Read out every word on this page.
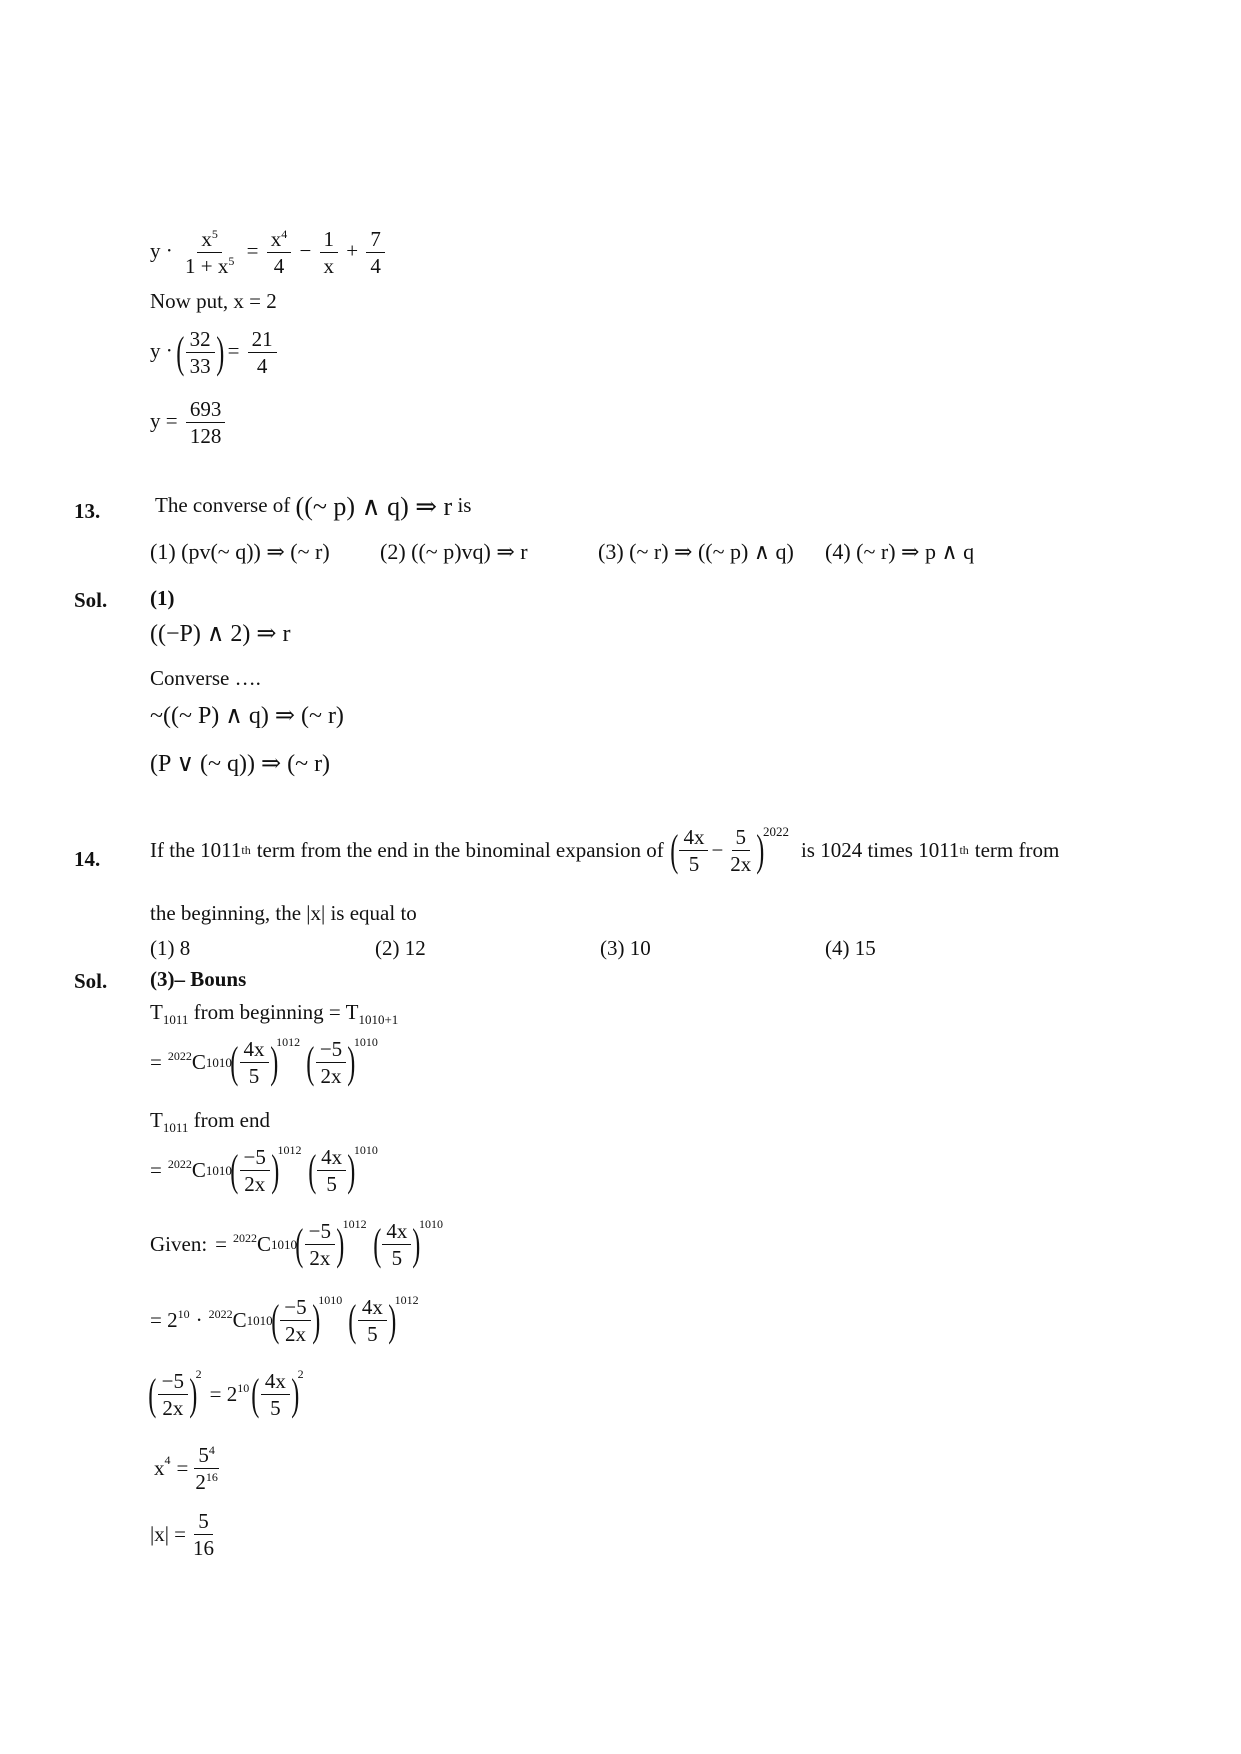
$y \cdot \frac{x^5}{1 + x^5} = \frac{x^4}{4} - \frac{1}{x} + \frac{7}{4}$
Now put, x = 2
y · ( $\frac{32}{33}$ ) = $\frac{21}{4}$
$y = \frac{693}{128}$
13.	The converse of ((~ p) ∧ q) ⇒ r is
(1) (pv(~ q)) ⇒ (~ r) (2) ((~ p)vq) ⇒ r	(3) (~ r) ⇒ ((~ p) ∧ q) (4) (~ r) ⇒ p ∧ q
Sol. (1)
((−P) ∧ 2) ⇒ r
Converse ….
~((~ P) ∧ q) ⇒ (~ r)
(P ∨ (~ q)) ⇒ (~ r)
14. If the 1011 th term from the end in the binominal expansion of ( $\frac{4x}{5} - \frac{5}{2x}$ )
2022
is 1024 times 1011 th term from
the beginning, the |x| is equal to
(1) 8	(2) 12	(3) 10	(4) 15
Sol. (3)– Bouns
$T_{1011}$ from beginning = $T_{1010+1}$
= 2022 C 1010
( $\frac{4x}{5}$ )
1012 ( $\frac{-5}{2x}$ )
1010
$T_{1011}$ from end
= 2022 C 1010
( $\frac{-5}{2x}$ )
1012 ( $\frac{4x}{5}$ )
1010
Given: = 2022 C 1010
( $\frac{-5}{2x}$ )
1012 ( $\frac{4x}{5}$ )
1010
= 2 10 · 2022 C 1010
( $\frac{-5}{2x}$ )
1010 ( $\frac{4x}{5}$ )
1012
( $\frac{-5}{2x}$ )
2
= 2 10 ( $\frac{4x}{5}$ )
2
x $4 = \frac{5^4}{2^{16}}$
$|x| = \frac{5}{16}$
